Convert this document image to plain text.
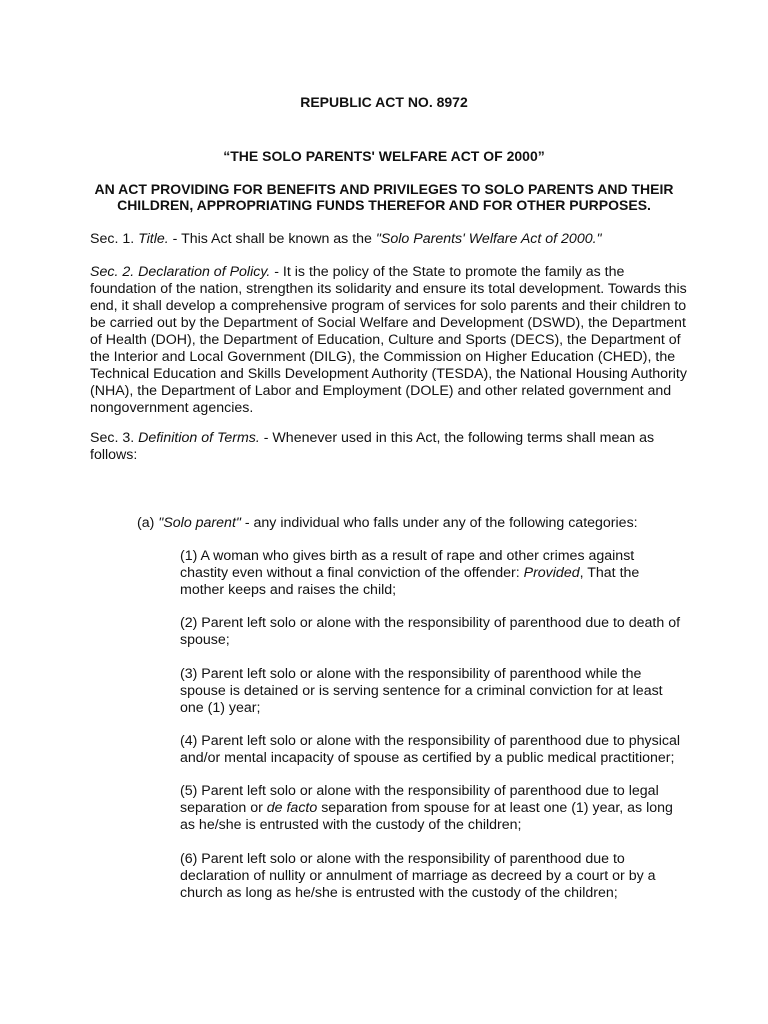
REPUBLIC ACT NO. 8972
“THE SOLO PARENTS' WELFARE ACT OF 2000”
AN ACT PROVIDING FOR BENEFITS AND PRIVILEGES TO SOLO PARENTS AND THEIR
CHILDREN, APPROPRIATING FUNDS THEREFOR AND FOR OTHER PURPOSES.
Sec. 1. Title. - This Act shall be known as the "Solo Parents' Welfare Act of 2000."
Sec. 2. Declaration of Policy. - It is the policy of the State to promote the family as the foundation of the nation, strengthen its solidarity and ensure its total development. Towards this end, it shall develop a comprehensive program of services for solo parents and their children to be carried out by the Department of Social Welfare and Development (DSWD), the Department of Health (DOH), the Department of Education, Culture and Sports (DECS), the Department of the Interior and Local Government (DILG), the Commission on Higher Education (CHED), the Technical Education and Skills Development Authority (TESDA), the National Housing Authority (NHA), the Department of Labor and Employment (DOLE) and other related government and nongovernment agencies.
Sec. 3. Definition of Terms. - Whenever used in this Act, the following terms shall mean as follows:
(a) "Solo parent" - any individual who falls under any of the following categories:
(1) A woman who gives birth as a result of rape and other crimes against chastity even without a final conviction of the offender: Provided, That the mother keeps and raises the child;
(2) Parent left solo or alone with the responsibility of parenthood due to death of spouse;
(3) Parent left solo or alone with the responsibility of parenthood while the spouse is detained or is serving sentence for a criminal conviction for at least one (1) year;
(4) Parent left solo or alone with the responsibility of parenthood due to physical and/or mental incapacity of spouse as certified by a public medical practitioner;
(5) Parent left solo or alone with the responsibility of parenthood due to legal separation or de facto separation from spouse for at least one (1) year, as long as he/she is entrusted with the custody of the children;
(6) Parent left solo or alone with the responsibility of parenthood due to declaration of nullity or annulment of marriage as decreed by a court or by a church as long as he/she is entrusted with the custody of the children;
